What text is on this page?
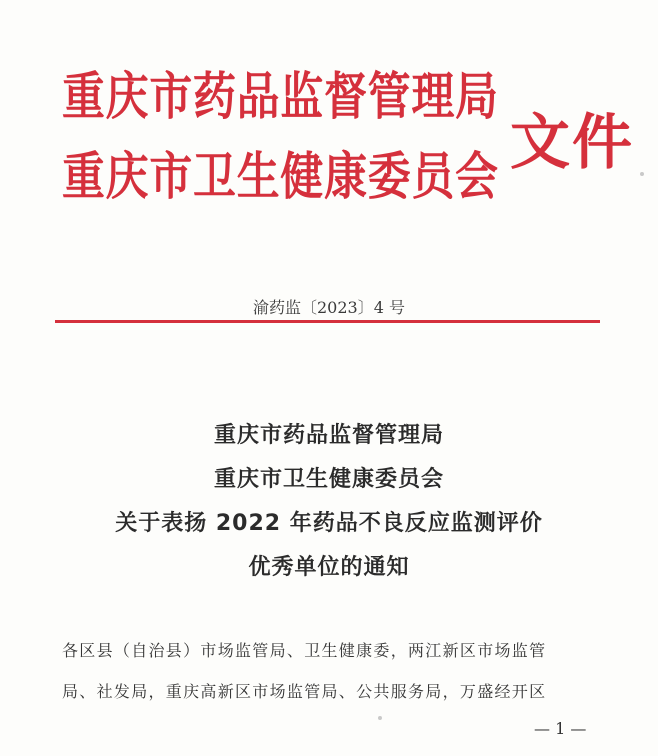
重庆市药品监督管理局
重庆市卫生健康委员会 文件
渝药监〔2023〕4 号
重庆市药品监督管理局
重庆市卫生健康委员会
关于表扬 2022 年药品不良反应监测评价
优秀单位的通知
各区县（自治县）市场监管局、卫生健康委，两江新区市场监管
局、社发局，重庆高新区市场监管局、公共服务局，万盛经开区
— 1 —
